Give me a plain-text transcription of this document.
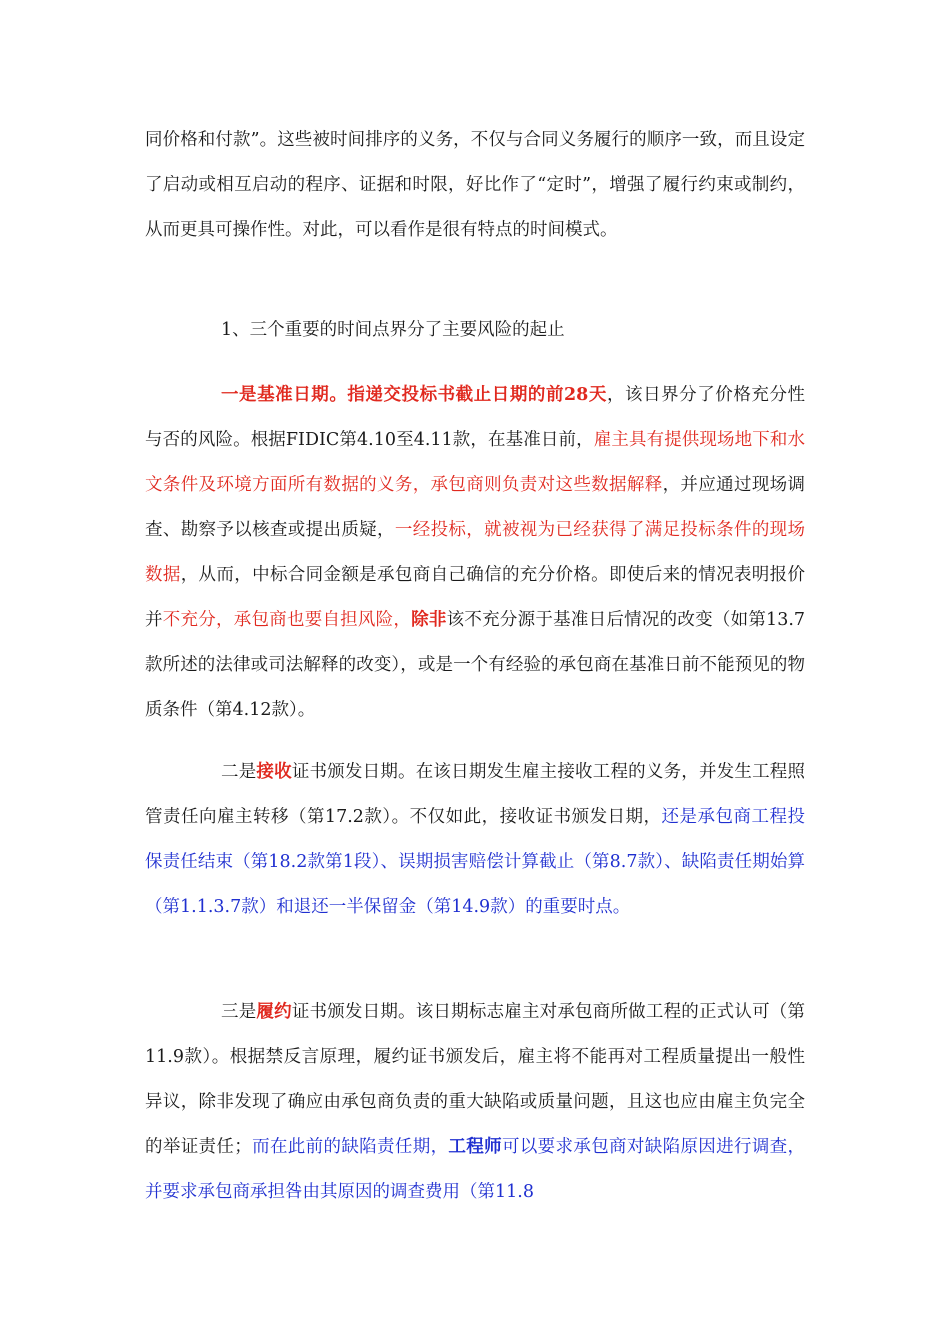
同价格和付款”。这些被时间排序的义务，不仅与合同义务履行的顺序一致，而且设定了启动或相互启动的程序、证据和时限，好比作了“定时”，增强了履行约束或制约，从而更具可操作性。对此，可以看作是很有特点的时间模式。

1、三个重要的时间点界分了主要风险的起止

一是基准日期。指递交投标书截止日期的前28天，该日界分了价格充分性与否的风险。根据FIDIC第4.10至4.11款，在基准日前，雇主具有提供现场地下和水文条件及环境方面所有数据的义务，承包商则负责对这些数据解释，并应通过现场调查、勘察予以核查或提出质疑，一经投标，就被视为已经获得了满足投标条件的现场数据，从而，中标合同金额是承包商自己确信的充分价格。即使后来的情况表明报价并不充分，承包商也要自担风险，除非该不充分源于基准日后情况的改变（如第13.7款所述的法律或司法解释的改变），或是一个有经验的承包商在基准日前不能预见的物质条件（第4.12款）。

二是接收证书颁发日期。在该日期发生雇主接收工程的义务，并发生工程照管责任向雇主转移（第17.2款）。不仅如此，接收证书颁发日期，还是承包商工程投保责任结束（第18.2款第1段）、误期损害赔偿计算截止（第8.7款）、缺陷责任期始算（第1.1.3.7款）和退还一半保留金（第14.9款）的重要时点。

三是履约证书颁发日期。该日期标志雇主对承包商所做工程的正式认可（第11.9款）。根据禁反言原理，履约证书颁发后，雇主将不能再对工程质量提出一般性异议，除非发现了确应由承包商负责的重大缺陷或质量问题，且这也应由雇主负完全的举证责任；而在此前的缺陷责任期，工程师可以要求承包商对缺陷原因进行调查，并要求承包商承担咎由其原因的调查费用（第11.8
